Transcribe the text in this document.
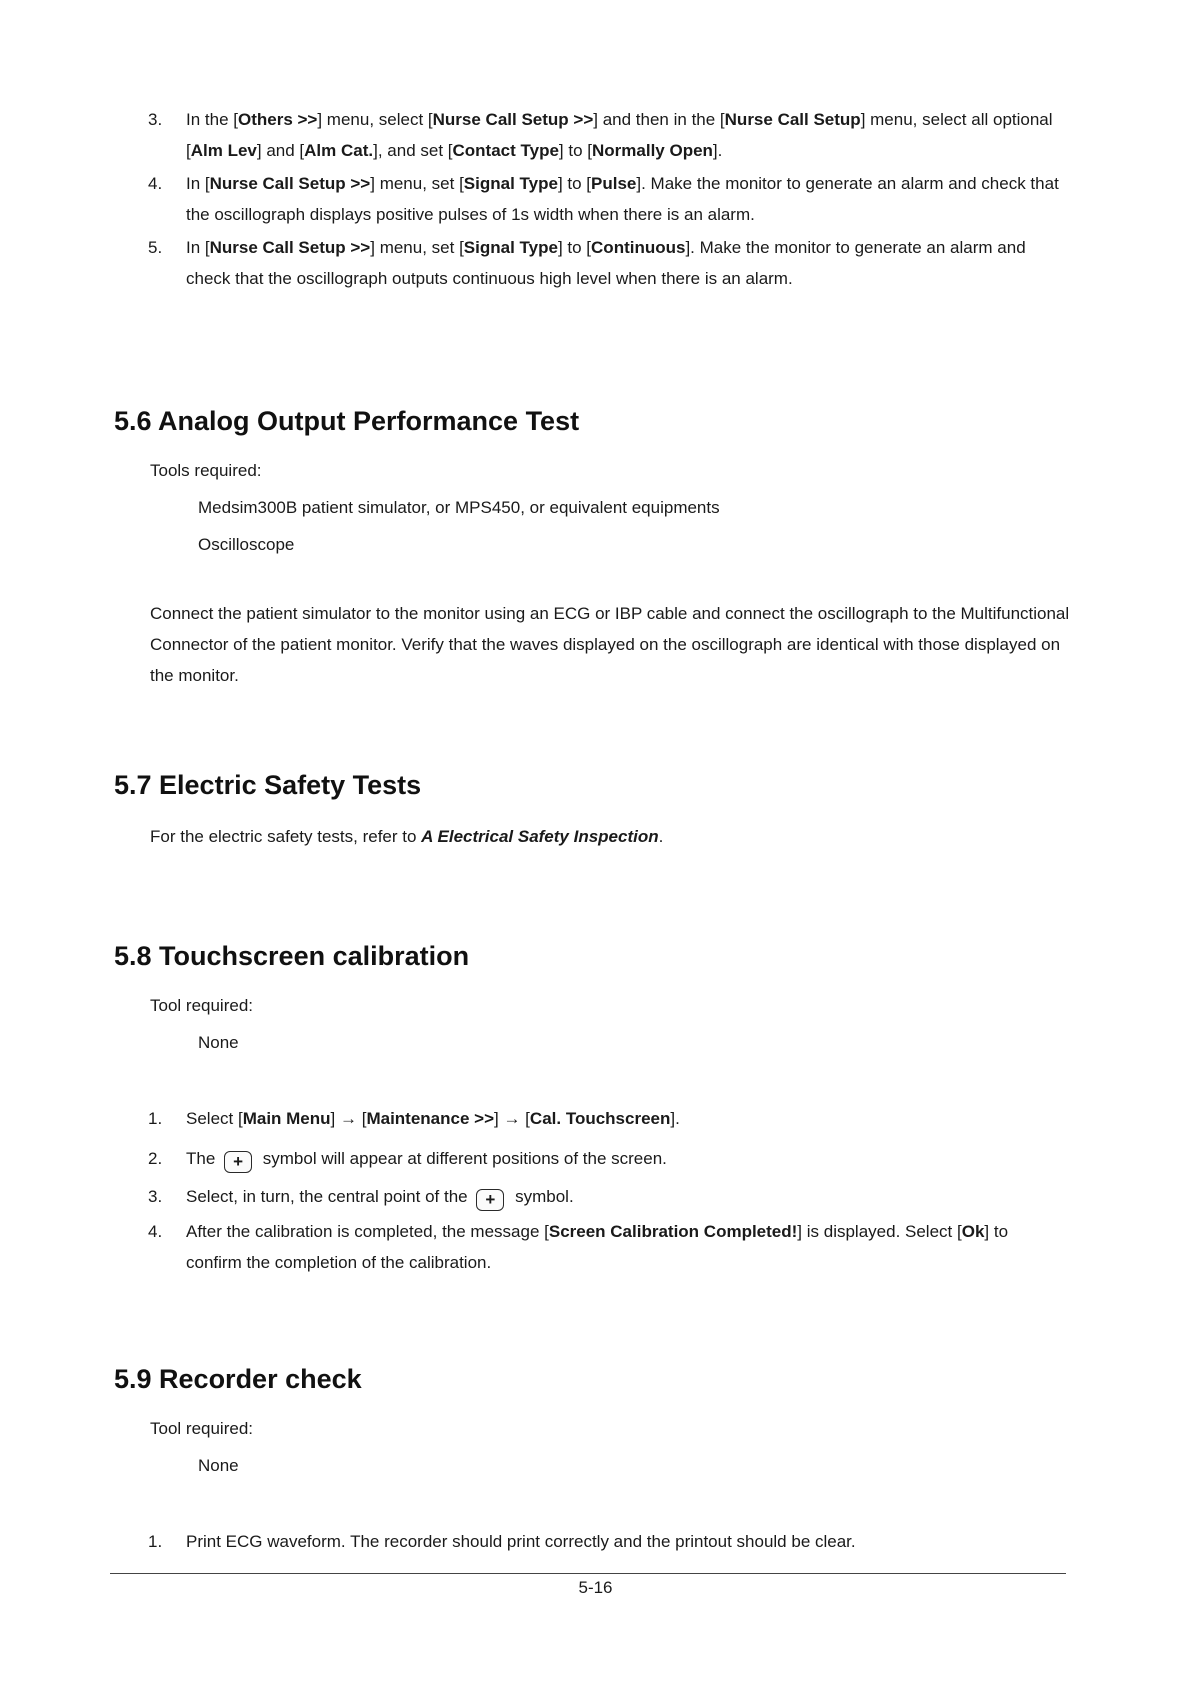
3.	In the [Others >>] menu, select [Nurse Call Setup >>] and then in the [Nurse Call Setup] menu, select all optional [Alm Lev] and [Alm Cat.], and set [Contact Type] to [Normally Open].
4.	In [Nurse Call Setup >>] menu, set [Signal Type] to [Pulse]. Make the monitor to generate an alarm and check that the oscillograph displays positive pulses of 1s width when there is an alarm.
5.	In [Nurse Call Setup >>] menu, set [Signal Type] to [Continuous]. Make the monitor to generate an alarm and check that the oscillograph outputs continuous high level when there is an alarm.
5.6 Analog Output Performance Test
Tools required:
Medsim300B patient simulator, or MPS450, or equivalent equipments
Oscilloscope
Connect the patient simulator to the monitor using an ECG or IBP cable and connect the oscillograph to the Multifunctional Connector of the patient monitor. Verify that the waves displayed on the oscillograph are identical with those displayed on the monitor.
5.7 Electric Safety Tests
For the electric safety tests, refer to A Electrical Safety Inspection.
5.8 Touchscreen calibration
Tool required:
None
1.	Select [Main Menu] → [Maintenance >>] → [Cal. Touchscreen].
2.	The + symbol will appear at different positions of the screen.
3.	Select, in turn, the central point of the + symbol.
4.	After the calibration is completed, the message [Screen Calibration Completed!] is displayed. Select [Ok] to confirm the completion of the calibration.
5.9 Recorder check
Tool required:
None
1.	Print ECG waveform. The recorder should print correctly and the printout should be clear.
5-16
